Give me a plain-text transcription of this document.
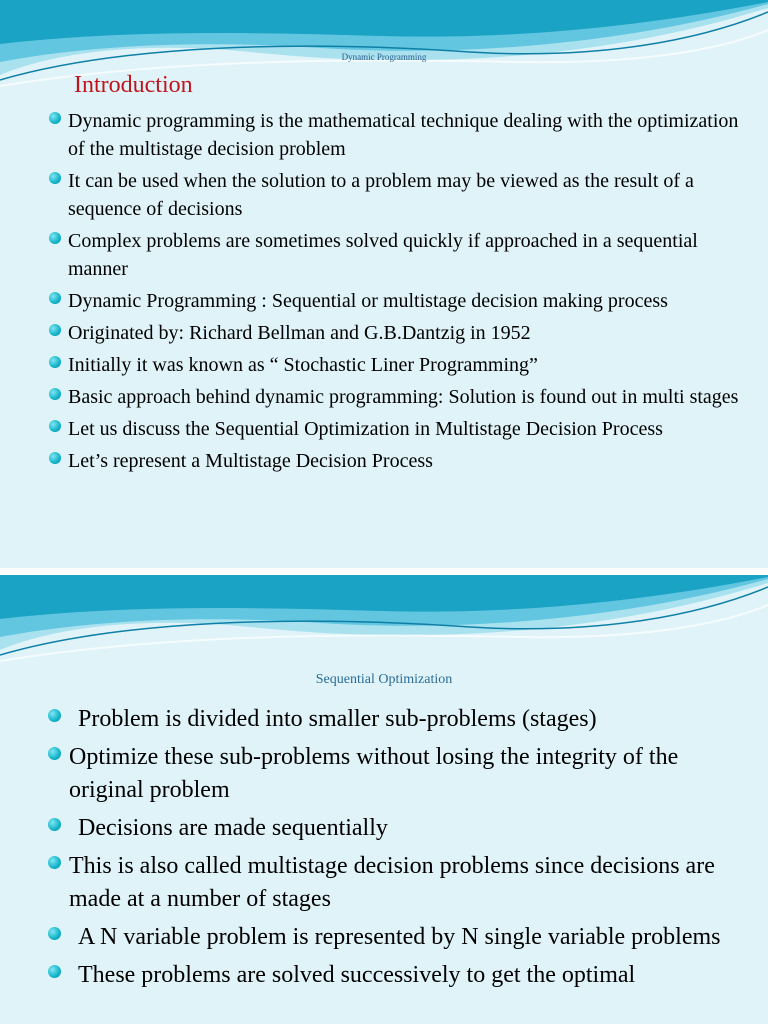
Dynamic Programming
Introduction
Dynamic programming is the mathematical technique dealing with the optimization of the multistage decision problem
It can be used when the solution to a problem may be viewed as the result of a sequence of decisions
Complex problems are sometimes solved quickly if approached in a sequential manner
Dynamic Programming : Sequential or multistage decision making process
Originated by: Richard Bellman and G.B.Dantzig in 1952
Initially it was known as “ Stochastic Liner Programming”
Basic approach behind dynamic programming: Solution is found out in multi stages
Let us discuss the Sequential Optimization in Multistage Decision Process
Let’s represent a Multistage Decision Process
Sequential Optimization
Problem is divided into smaller sub-problems (stages)
Optimize these sub-problems without losing the integrity of the original problem
Decisions are made sequentially
This is also called multistage decision problems since decisions are made at a number of stages
A N variable problem is represented by N single variable problems
These problems are solved successively to get the optimal
